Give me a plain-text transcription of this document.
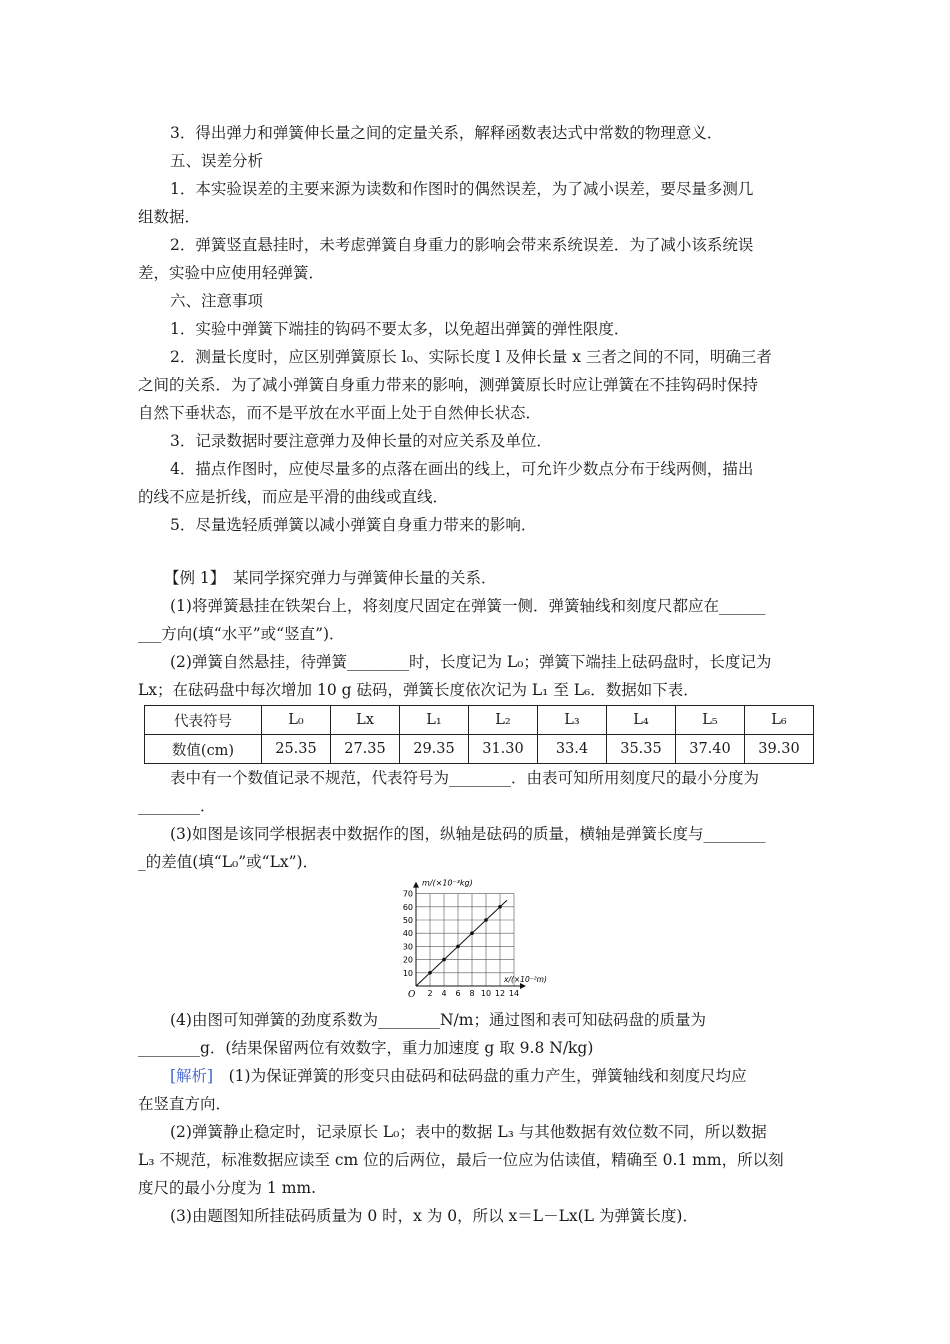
3．得出弹力和弹簧伸长量之间的定量关系，解释函数表达式中常数的物理意义．
五、误差分析
1．本实验误差的主要来源为读数和作图时的偶然误差，为了减小误差，要尽量多测几
组数据．
2．弹簧竖直悬挂时，未考虑弹簧自身重力的影响会带来系统误差．为了减小该系统误
差，实验中应使用轻弹簧．
六、注意事项
1．实验中弹簧下端挂的钩码不要太多，以免超出弹簧的弹性限度．
2．测量长度时，应区别弹簧原长 l₀、实际长度 l 及伸长量 x 三者之间的不同，明确三者
之间的关系．为了减小弹簧自身重力带来的影响，测弹簧原长时应让弹簧在不挂钩码时保持
自然下垂状态，而不是平放在水平面上处于自然伸长状态．
3．记录数据时要注意弹力及伸长量的对应关系及单位．
4．描点作图时，应使尽量多的点落在画出的线上，可允许少数点分布于线两侧，描出
的线不应是折线，而应是平滑的曲线或直线．
5．尽量选轻质弹簧以减小弹簧自身重力带来的影响．
【例 1】　某同学探究弹力与弹簧伸长量的关系．
(1)将弹簧悬挂在铁架台上，将刻度尺固定在弹簧一侧．弹簧轴线和刻度尺都应在______
___方向(填“水平”或“竖直”)．
(2)弹簧自然悬挂，待弹簧________时，长度记为 L₀；弹簧下端挂上砝码盘时，长度记为
Lx；在砝码盘中每次增加 10 g 砝码，弹簧长度依次记为 L₁ 至 L₆．数据如下表．
代表符号	L₀	Lx	L₁	L₂	L₃	L₄	L₅	L₆
数值(cm)	25.35	27.35	29.35	31.30	33.4	35.35	37.40	39.30
表中有一个数值记录不规范，代表符号为________．由表可知所用刻度尺的最小分度为
________．
(3)如图是该同学根据表中数据作的图，纵轴是砝码的质量，横轴是弹簧长度与________
_的差值(填“L₀”或“Lx”)．
2 4 6 8 10 12 14
10
20
30
40
50
60
70
O
m/(×10⁻³kg)
x/(×10⁻²m)
(4)由图可知弹簧的劲度系数为________N/m；通过图和表可知砝码盘的质量为
________g．(结果保留两位有效数字，重力加速度 g 取 9.8 N/kg)
[解析]　(1)为保证弹簧的形变只由砝码和砝码盘的重力产生，弹簧轴线和刻度尺均应
在竖直方向．
(2)弹簧静止稳定时，记录原长 L₀；表中的数据 L₃ 与其他数据有效位数不同，所以数据
L₃ 不规范，标准数据应读至 cm 位的后两位，最后一位应为估读值，精确至 0.1 mm，所以刻
度尺的最小分度为 1 mm.
(3)由题图知所挂砝码质量为 0 时，x 为 0，所以 x＝L－Lx(L 为弹簧长度)．
